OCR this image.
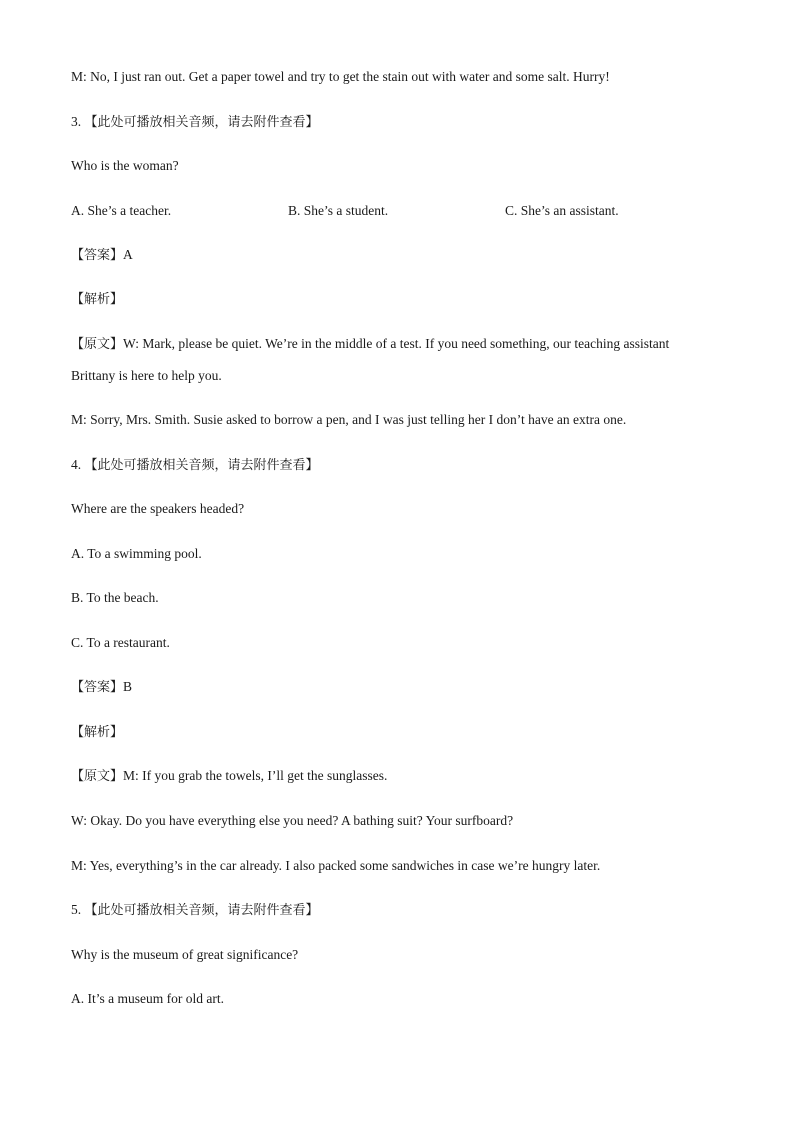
M: No, I just ran out. Get a paper towel and try to get the stain out with water and some salt. Hurry!
3. 【此处可播放相关音频，请去附件查看】
Who is the woman?
A. She’s a teacher.	B. She’s a student.	C. She’s an assistant.
【答案】A
【解析】
【原文】W: Mark, please be quiet. We’re in the middle of a test. If you need something, our teaching assistant
Brittany is here to help you.
M: Sorry, Mrs. Smith. Susie asked to borrow a pen, and I was just telling her I don’t have an extra one.
4. 【此处可播放相关音频，请去附件查看】
Where are the speakers headed?
A. To a swimming pool.
B. To the beach.
C. To a restaurant.
【答案】B
【解析】
【原文】M: If you grab the towels, I’ll get the sunglasses.
W: Okay. Do you have everything else you need? A bathing suit? Your surfboard?
M: Yes, everything’s in the car already. I also packed some sandwiches in case we’re hungry later.
5. 【此处可播放相关音频，请去附件查看】
Why is the museum of great significance?
A. It’s a museum for old art.
